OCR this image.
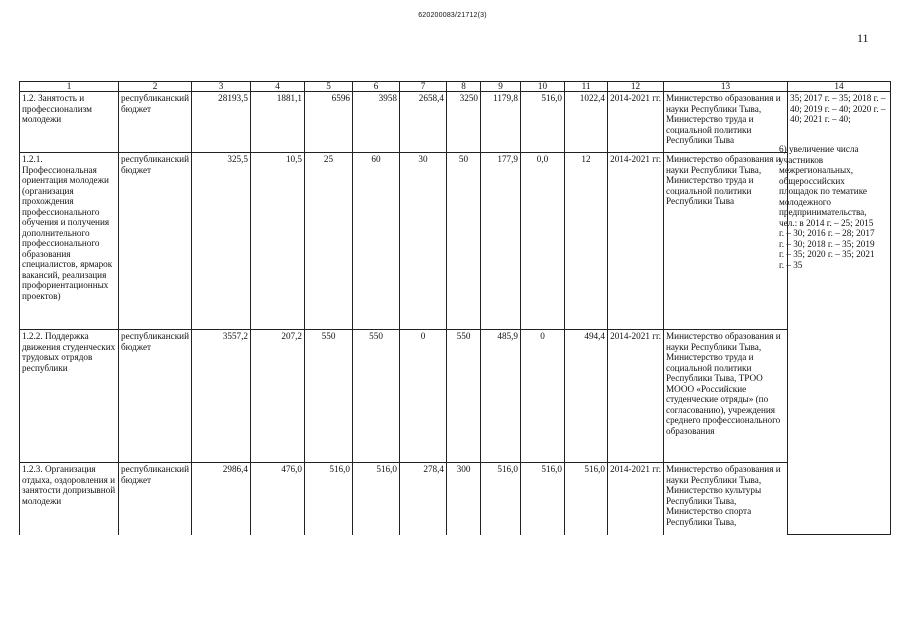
620200083/21712(3)
11
1	2	3	4	5	6	7	8	9	10	11	12	13	14
1.2. Занятость и профессионализм молодежи	республиканский бюджет	28193,5	1881,1	6596	3958	2658,4	3250	1179,8	516,0	1022,4	2014-2021 гг.	Министерство образования и науки Республики Тыва, Министерство труда и социальной политики Республики Тыва	35; 2017 г. – 35; 2018 г. – 40; 2019 г. – 40; 2020 г. – 40; 2021 г. – 40;
1.2.1. Профессиональная ориентация молодежи (организация прохождения профессионального обучения и получения дополнительного профессионального образования специалистов, ярмарок вакансий, реализация профориентационных проектов)	республиканский бюджет	325,5	10,5	25	60	30	50	177,9	0,0	12	2014-2021 гг.	Министерство образования и науки Республики Тыва, Министерство труда и социальной политики Республики Тыва	
1.2.2. Поддержка движения студенческих трудовых отрядов республики	республиканский бюджет	3557,2	207,2	550	550	0	550	485,9	0	494,4	2014-2021 гг.	Министерство образования и науки Республики Тыва, Министерство труда и социальной политики Республики Тыва, ТРОО МООО «Российские студенческие отряды» (по согласованию), учреждения среднего профессионального образования	
1.2.3. Организация отдыха, оздоровления и занятости допризывной молодежи	республиканский бюджет	2986,4	476,0	516,0	516,0	278,4	300	516,0	516,0	516,0	2014-2021 гг.	Министерство образования и науки Республики Тыва, Министерство культуры Республики Тыва, Министерство спорта Республики Тыва,	
6) увеличение числа участников межрегиональных, общероссийских площадок по тематике молодежного предпринимательства, чел.: в 2014 г. – 25; 2015 г. – 30; 2016 г. – 28; 2017 г. – 30; 2018 г. – 35; 2019 г. – 35; 2020 г. – 35; 2021 г. – 35
